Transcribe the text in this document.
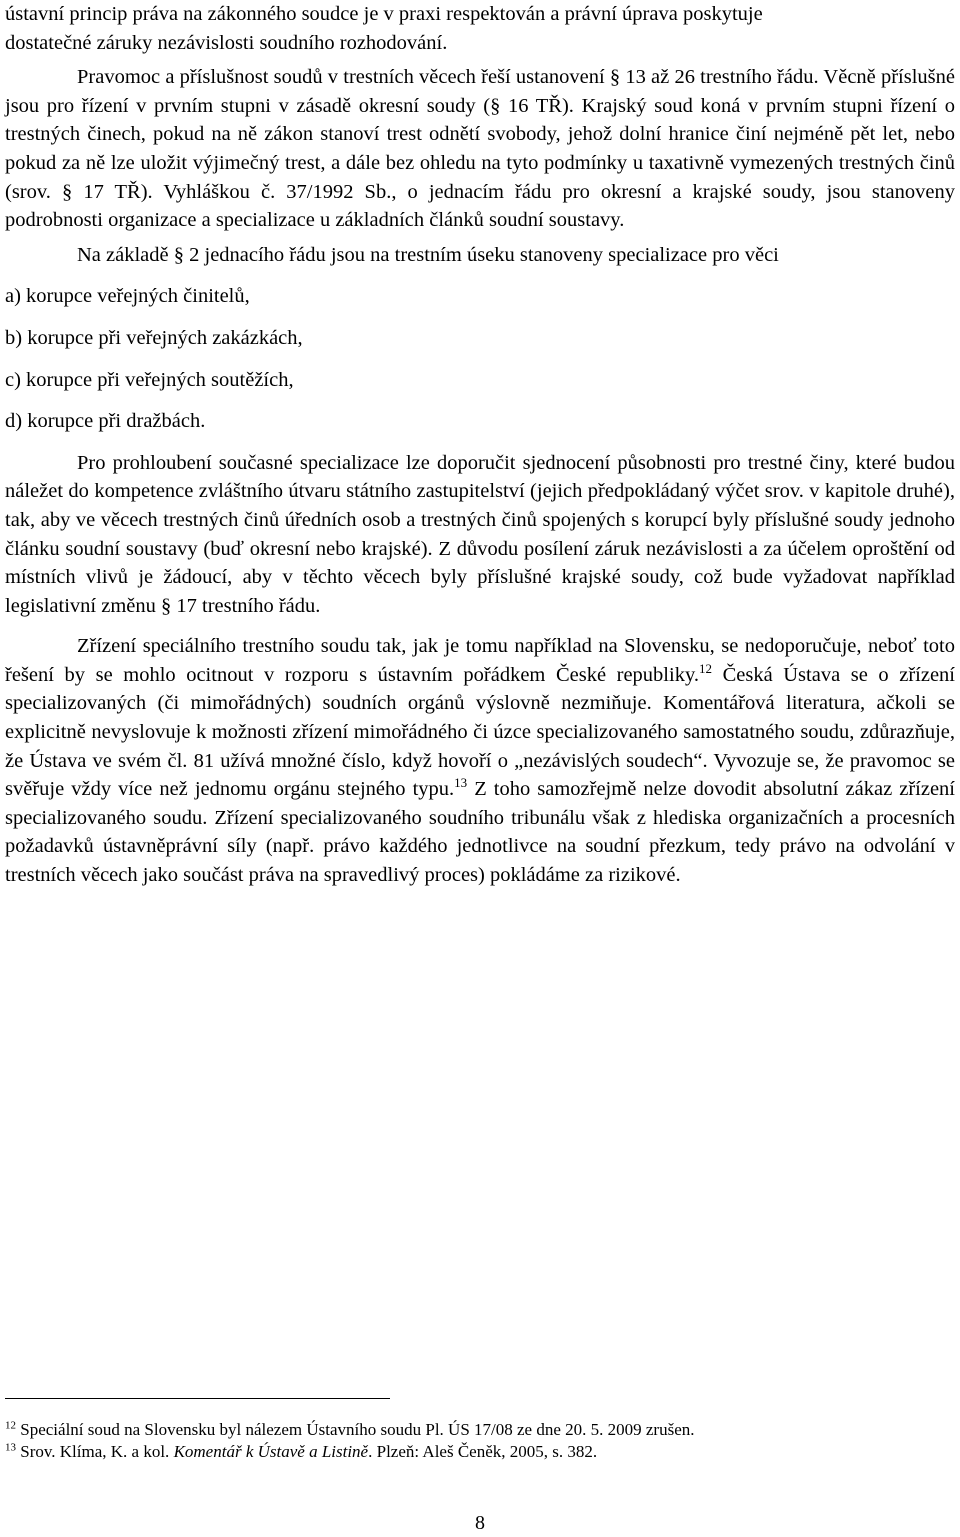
ústavní princip práva na zákonného soudce je v praxi respektován a právní úprava poskytuje
dostatečné záruky nezávislosti soudního rozhodování.

Pravomoc a příslušnost soudů v trestních věcech řeší ustanovení § 13 až 26 trestního řádu. Věcně příslušné jsou pro řízení v prvním stupni v zásadě okresní soudy (§ 16 TŘ). Krajský soud koná v prvním stupni řízení o trestných činech, pokud na ně zákon stanoví trest odnětí svobody, jehož dolní hranice činí nejméně pět let, nebo pokud za ně lze uložit výjimečný trest, a dále bez ohledu na tyto podmínky u taxativně vymezených trestných činů (srov. § 17 TŘ). Vyhláškou č. 37/1992 Sb., o jednacím řádu pro okresní a krajské soudy, jsou stanoveny podrobnosti organizace a specializace u základních článků soudní soustavy.

Na základě § 2 jednacího řádu jsou na trestním úseku stanoveny specializace pro věci

a) korupce veřejných činitelů,

b) korupce při veřejných zakázkách,

c) korupce při veřejných soutěžích,

d) korupce při dražbách.

Pro prohloubení současné specializace lze doporučit sjednocení působnosti pro trestné činy, které budou náležet do kompetence zvláštního útvaru státního zastupitelství (jejich předpokládaný výčet srov. v kapitole druhé), tak, aby ve věcech trestných činů úředních osob a trestných činů spojených s korupcí byly příslušné soudy jednoho článku soudní soustavy (buď okresní nebo krajské). Z důvodu posílení záruk nezávislosti a za účelem oproštění od místních vlivů je žádoucí, aby v těchto věcech byly příslušné krajské soudy, což bude vyžadovat například legislativní změnu § 17 trestního řádu.

Zřízení speciálního trestního soudu tak, jak je tomu například na Slovensku, se nedoporučuje, neboť toto řešení by se mohlo ocitnout v rozporu s ústavním pořádkem České republiky.$^{12}$ Česká Ústava se o zřízení specializovaných (či mimořádných) soudních orgánů výslovně nezmiňuje. Komentářová literatura, ačkoli se explicitně nevyslovuje k možnosti zřízení mimořádného či úzce specializovaného samostatného soudu, zdůrazňuje, že Ústava ve svém čl. 81 užívá množné číslo, když hovoří o „nezávislých soudech“. Vyvozuje se, že pravomoc se svěřuje vždy více než jednomu orgánu stejného typu.$^{13}$ Z toho samozřejmě nelze dovodit absolutní zákaz zřízení specializovaného soudu. Zřízení specializovaného soudního tribunálu však z hlediska organizačních a procesních požadavků ústavněprávní síly (např. právo každého jednotlivce na soudní přezkum, tedy právo na odvolání v trestních věcech jako součást práva na spravedlivý proces) pokládáme za rizikové.

$^{12}$ Speciální soud na Slovensku byl nálezem Ústavního soudu Pl. ÚS 17/08 ze dne 20. 5. 2009 zrušen.

$^{13}$ Srov. Klíma, K. a kol. Komentář k Ústavě a Listině. Plzeň: Aleš Čeněk, 2005, s. 382.

8
